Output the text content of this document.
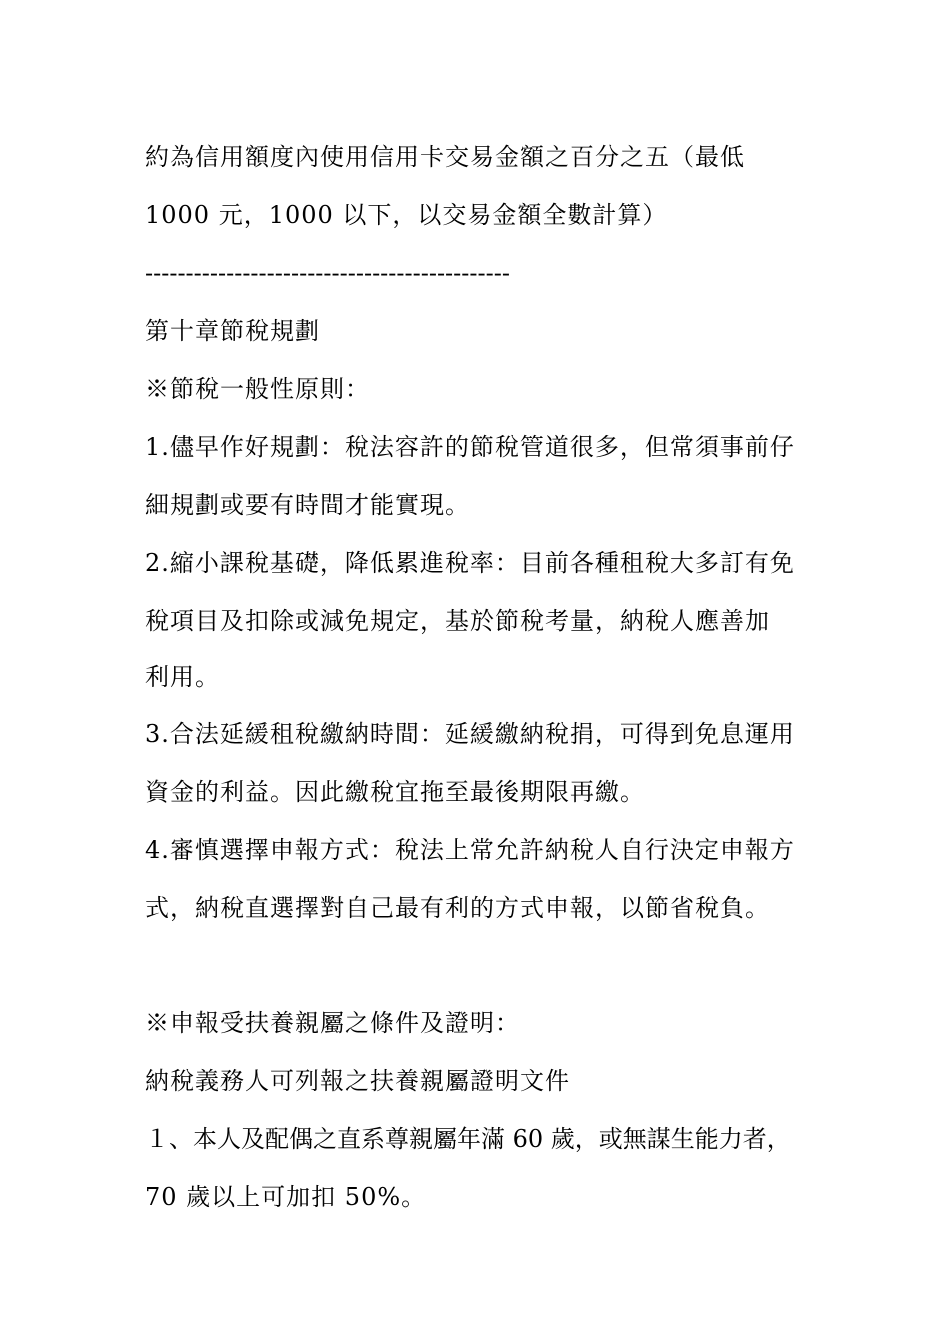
約為信用額度內使用信用卡交易金額之百分之五（最低
1000 元，1000 以下，以交易金額全數計算）
---------------------------------------------
第十章節稅規劃
※節稅一般性原則：
1.儘早作好規劃：稅法容許的節稅管道很多，但常須事前仔
細規劃或要有時間才能實現。
2.縮小課稅基礎，降低累進稅率：目前各種租稅大多訂有免
稅項目及扣除或減免規定，基於節稅考量，納稅人應善加
利用。
3.合法延緩租稅繳納時間：延緩繳納稅捐，可得到免息運用
資金的利益。因此繳稅宜拖至最後期限再繳。
4.審慎選擇申報方式：稅法上常允許納稅人自行決定申報方
式，納稅直選擇對自己最有利的方式申報，以節省稅負。
※申報受扶養親屬之條件及證明：
納稅義務人可列報之扶養親屬證明文件
１、本人及配偶之直系尊親屬年滿 60 歲，或無謀生能力者，
70 歲以上可加扣 50%。
